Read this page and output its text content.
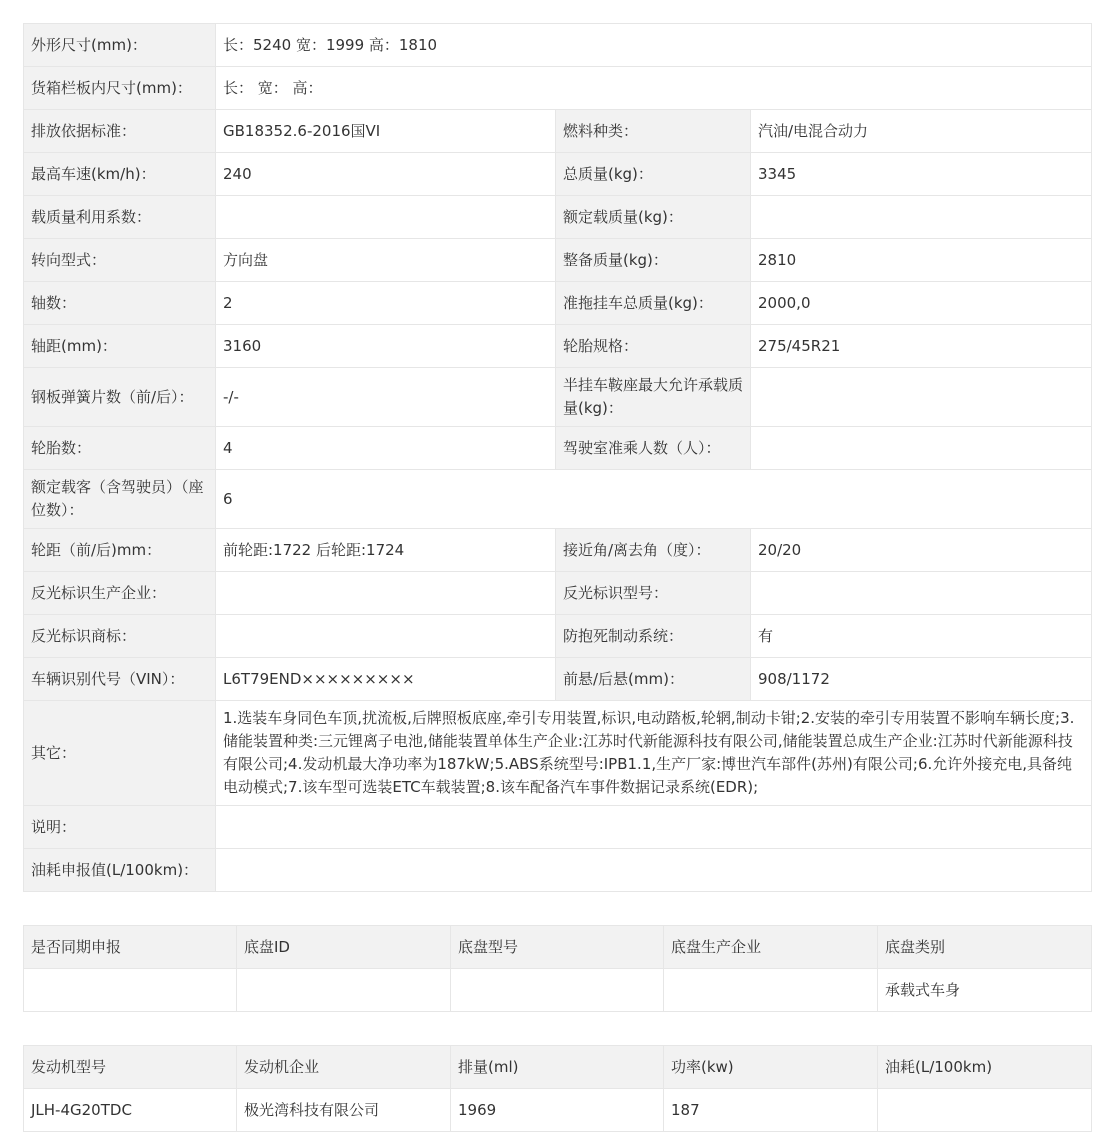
外形尺寸(mm)：	长：5240 宽：1999 高：1810		
货箱栏板内尺寸(mm)：	长： 宽： 高：		
排放依据标准：	GB18352.6-2016国VI	燃料种类：	汽油/电混合动力
最高车速(km/h)：	240	总质量(kg)：	3345
载质量利用系数：		额定载质量(kg)：	
转向型式：	方向盘	整备质量(kg)：	2810
轴数：	2	准拖挂车总质量(kg)：	2000,0
轴距(mm)：	3160	轮胎规格：	275/45R21
钢板弹簧片数（前/后）：	-/-	半挂车鞍座最大允许承载质量(kg)：	
轮胎数：	4	驾驶室准乘人数（人）：	
额定载客（含驾驶员）（座位数）：	6		
轮距（前/后)mm：	前轮距:1722 后轮距:1724	接近角/离去角（度）：	20/20
反光标识生产企业：		反光标识型号：	
反光标识商标：		防抱死制动系统：	有
车辆识别代号（VIN）：	L6T79END×××××××××	前悬/后悬(mm)：	908/1172
其它：	1.选装车身同色车顶,扰流板,后牌照板底座,牵引专用装置,标识,电动踏板,轮辋,制动卡钳;2.安装的牵引专用装置不影响车辆长度;3.储能装置种类:三元锂离子电池,储能装置单体生产企业:江苏时代新能源科技有限公司,储能装置总成生产企业:江苏时代新能源科技有限公司;4.发动机最大净功率为187kW;5.ABS系统型号:IPB1.1,生产厂家:博世汽车部件(苏州)有限公司;6.允许外接充电,具备纯电动模式;7.该车型可选装ETC车载装置;8.该车配备汽车事件数据记录系统(EDR);		
说明：			
油耗申报值(L/100km)：			
是否同期申报	底盘ID	底盘型号	底盘生产企业	底盘类别
				承载式车身
发动机型号	发动机企业	排量(ml)	功率(kw)	油耗(L/100km)
JLH-4G20TDC	极光湾科技有限公司	1969	187	
